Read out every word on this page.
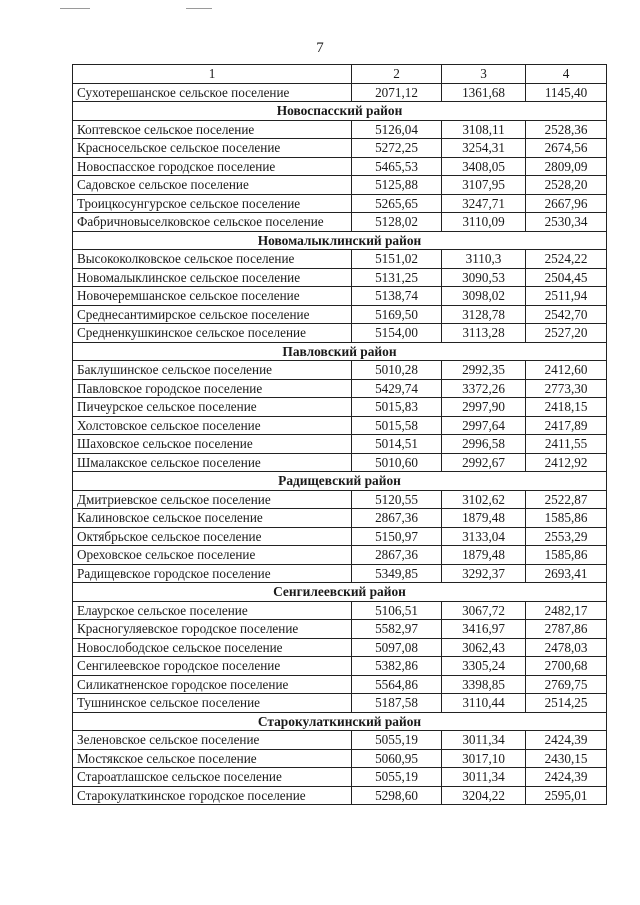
7
1	2	3	4
Сухотерешанское сельское поселение	2071,12	1361,68	1145,40
Новоспасский район			
Коптевское сельское поселение	5126,04	3108,11	2528,36
Красносельское сельское поселение	5272,25	3254,31	2674,56
Новоспасское городское поселение	5465,53	3408,05	2809,09
Садовское сельское поселение	5125,88	3107,95	2528,20
Троицкосунгурское сельское поселение	5265,65	3247,71	2667,96
Фабричновыселковское сельское поселение	5128,02	3110,09	2530,34
Новомалыклинский район			
Высококолковское сельское поселение	5151,02	3110,3	2524,22
Новомалыклинское сельское поселение	5131,25	3090,53	2504,45
Новочеремшанское сельское поселение	5138,74	3098,02	2511,94
Среднесантимирское сельское поселение	5169,50	3128,78	2542,70
Средненкушкинское сельское поселение	5154,00	3113,28	2527,20
Павловский район			
Баклушинское сельское поселение	5010,28	2992,35	2412,60
Павловское городское поселение	5429,74	3372,26	2773,30
Пичеурское сельское поселение	5015,83	2997,90	2418,15
Холстовское сельское поселение	5015,58	2997,64	2417,89
Шаховское сельское поселение	5014,51	2996,58	2411,55
Шмалакское сельское поселение	5010,60	2992,67	2412,92
Радищевский район			
Дмитриевское сельское поселение	5120,55	3102,62	2522,87
Калиновское сельское поселение	2867,36	1879,48	1585,86
Октябрьское сельское поселение	5150,97	3133,04	2553,29
Ореховское сельское поселение	2867,36	1879,48	1585,86
Радищевское городское поселение	5349,85	3292,37	2693,41
Сенгилеевский район			
Елаурское сельское поселение	5106,51	3067,72	2482,17
Красногуляевское городское поселение	5582,97	3416,97	2787,86
Новослободское сельское поселение	5097,08	3062,43	2478,03
Сенгилеевское городское поселение	5382,86	3305,24	2700,68
Силикатненское городское поселение	5564,86	3398,85	2769,75
Тушнинское сельское поселение	5187,58	3110,44	2514,25
Старокулаткинский район			
Зеленовское сельское поселение	5055,19	3011,34	2424,39
Мостякское сельское поселение	5060,95	3017,10	2430,15
Староатлашское сельское поселение	5055,19	3011,34	2424,39
Старокулаткинское городское поселение	5298,60	3204,22	2595,01
